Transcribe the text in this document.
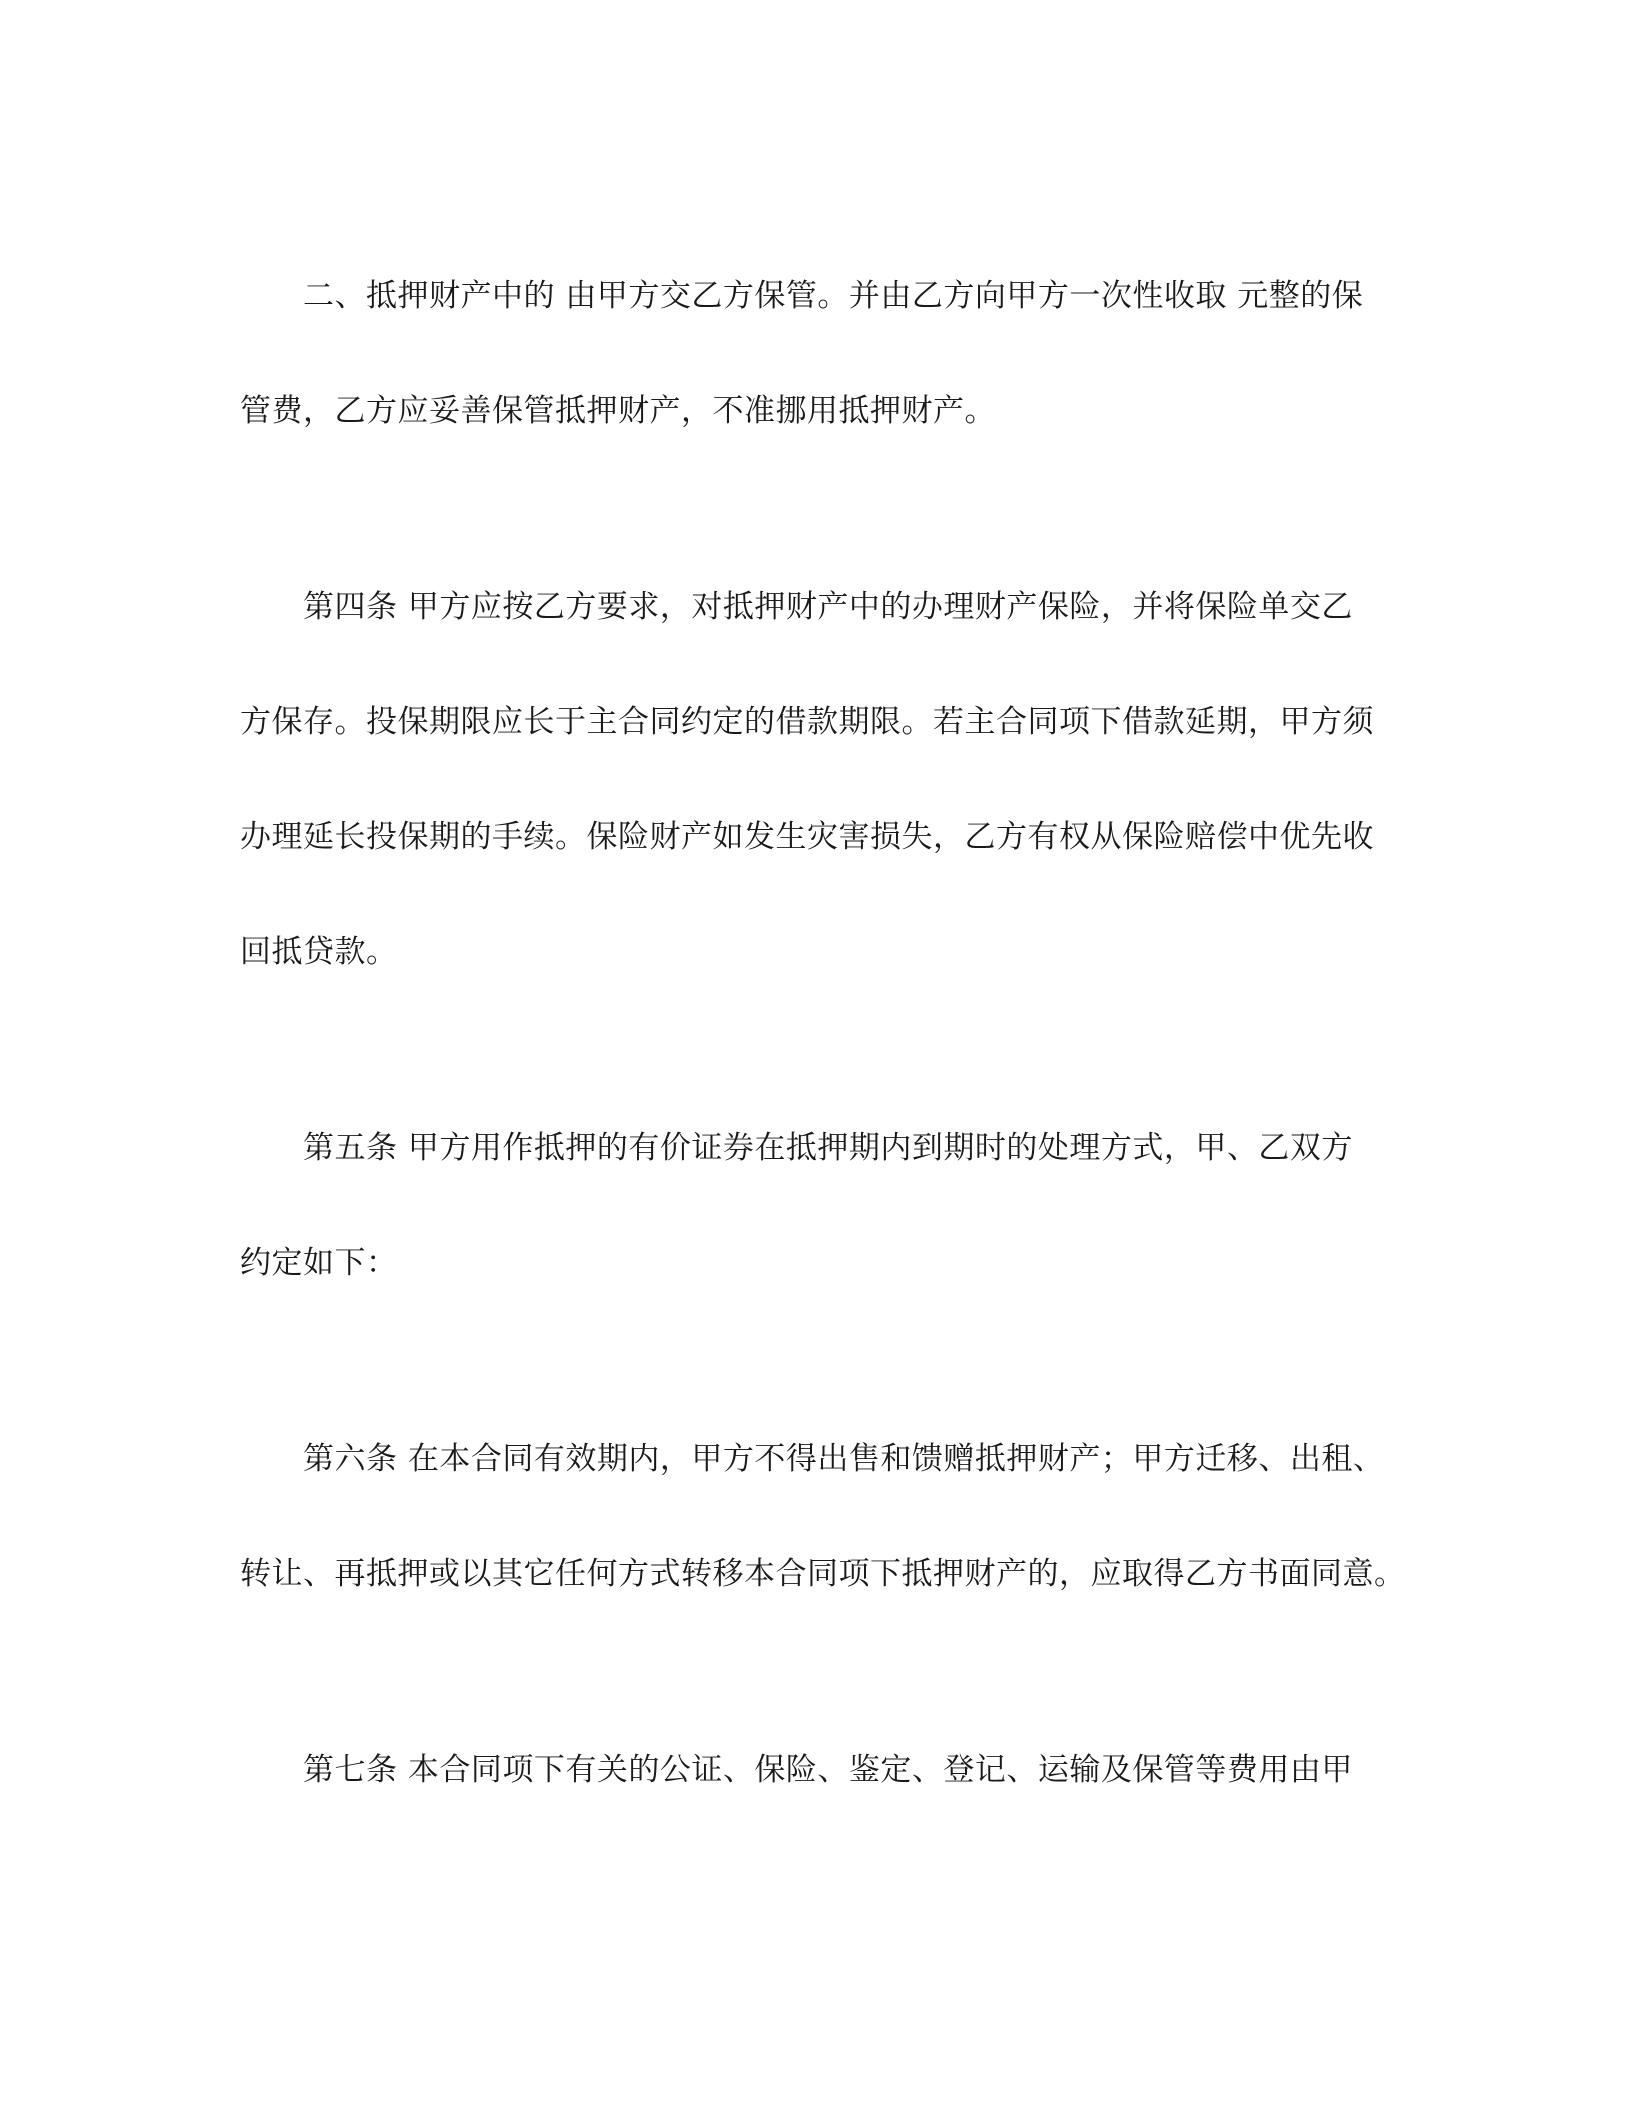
二、抵押财产中的 由甲方交乙方保管。并由乙方向甲方一次性收取 元整的保
管费，乙方应妥善保管抵押财产，不准挪用抵押财产。
第四条 甲方应按乙方要求，对抵押财产中的办理财产保险，并将保险单交乙
方保存。投保期限应长于主合同约定的借款期限。若主合同项下借款延期，甲方须
办理延长投保期的手续。保险财产如发生灾害损失，乙方有权从保险赔偿中优先收
回抵贷款。
第五条 甲方用作抵押的有价证券在抵押期内到期时的处理方式，甲、乙双方
约定如下：
第六条 在本合同有效期内，甲方不得出售和馈赠抵押财产；甲方迁移、出租、
转让、再抵押或以其它任何方式转移本合同项下抵押财产的，应取得乙方书面同意。
第七条 本合同项下有关的公证、保险、鉴定、登记、运输及保管等费用由甲
